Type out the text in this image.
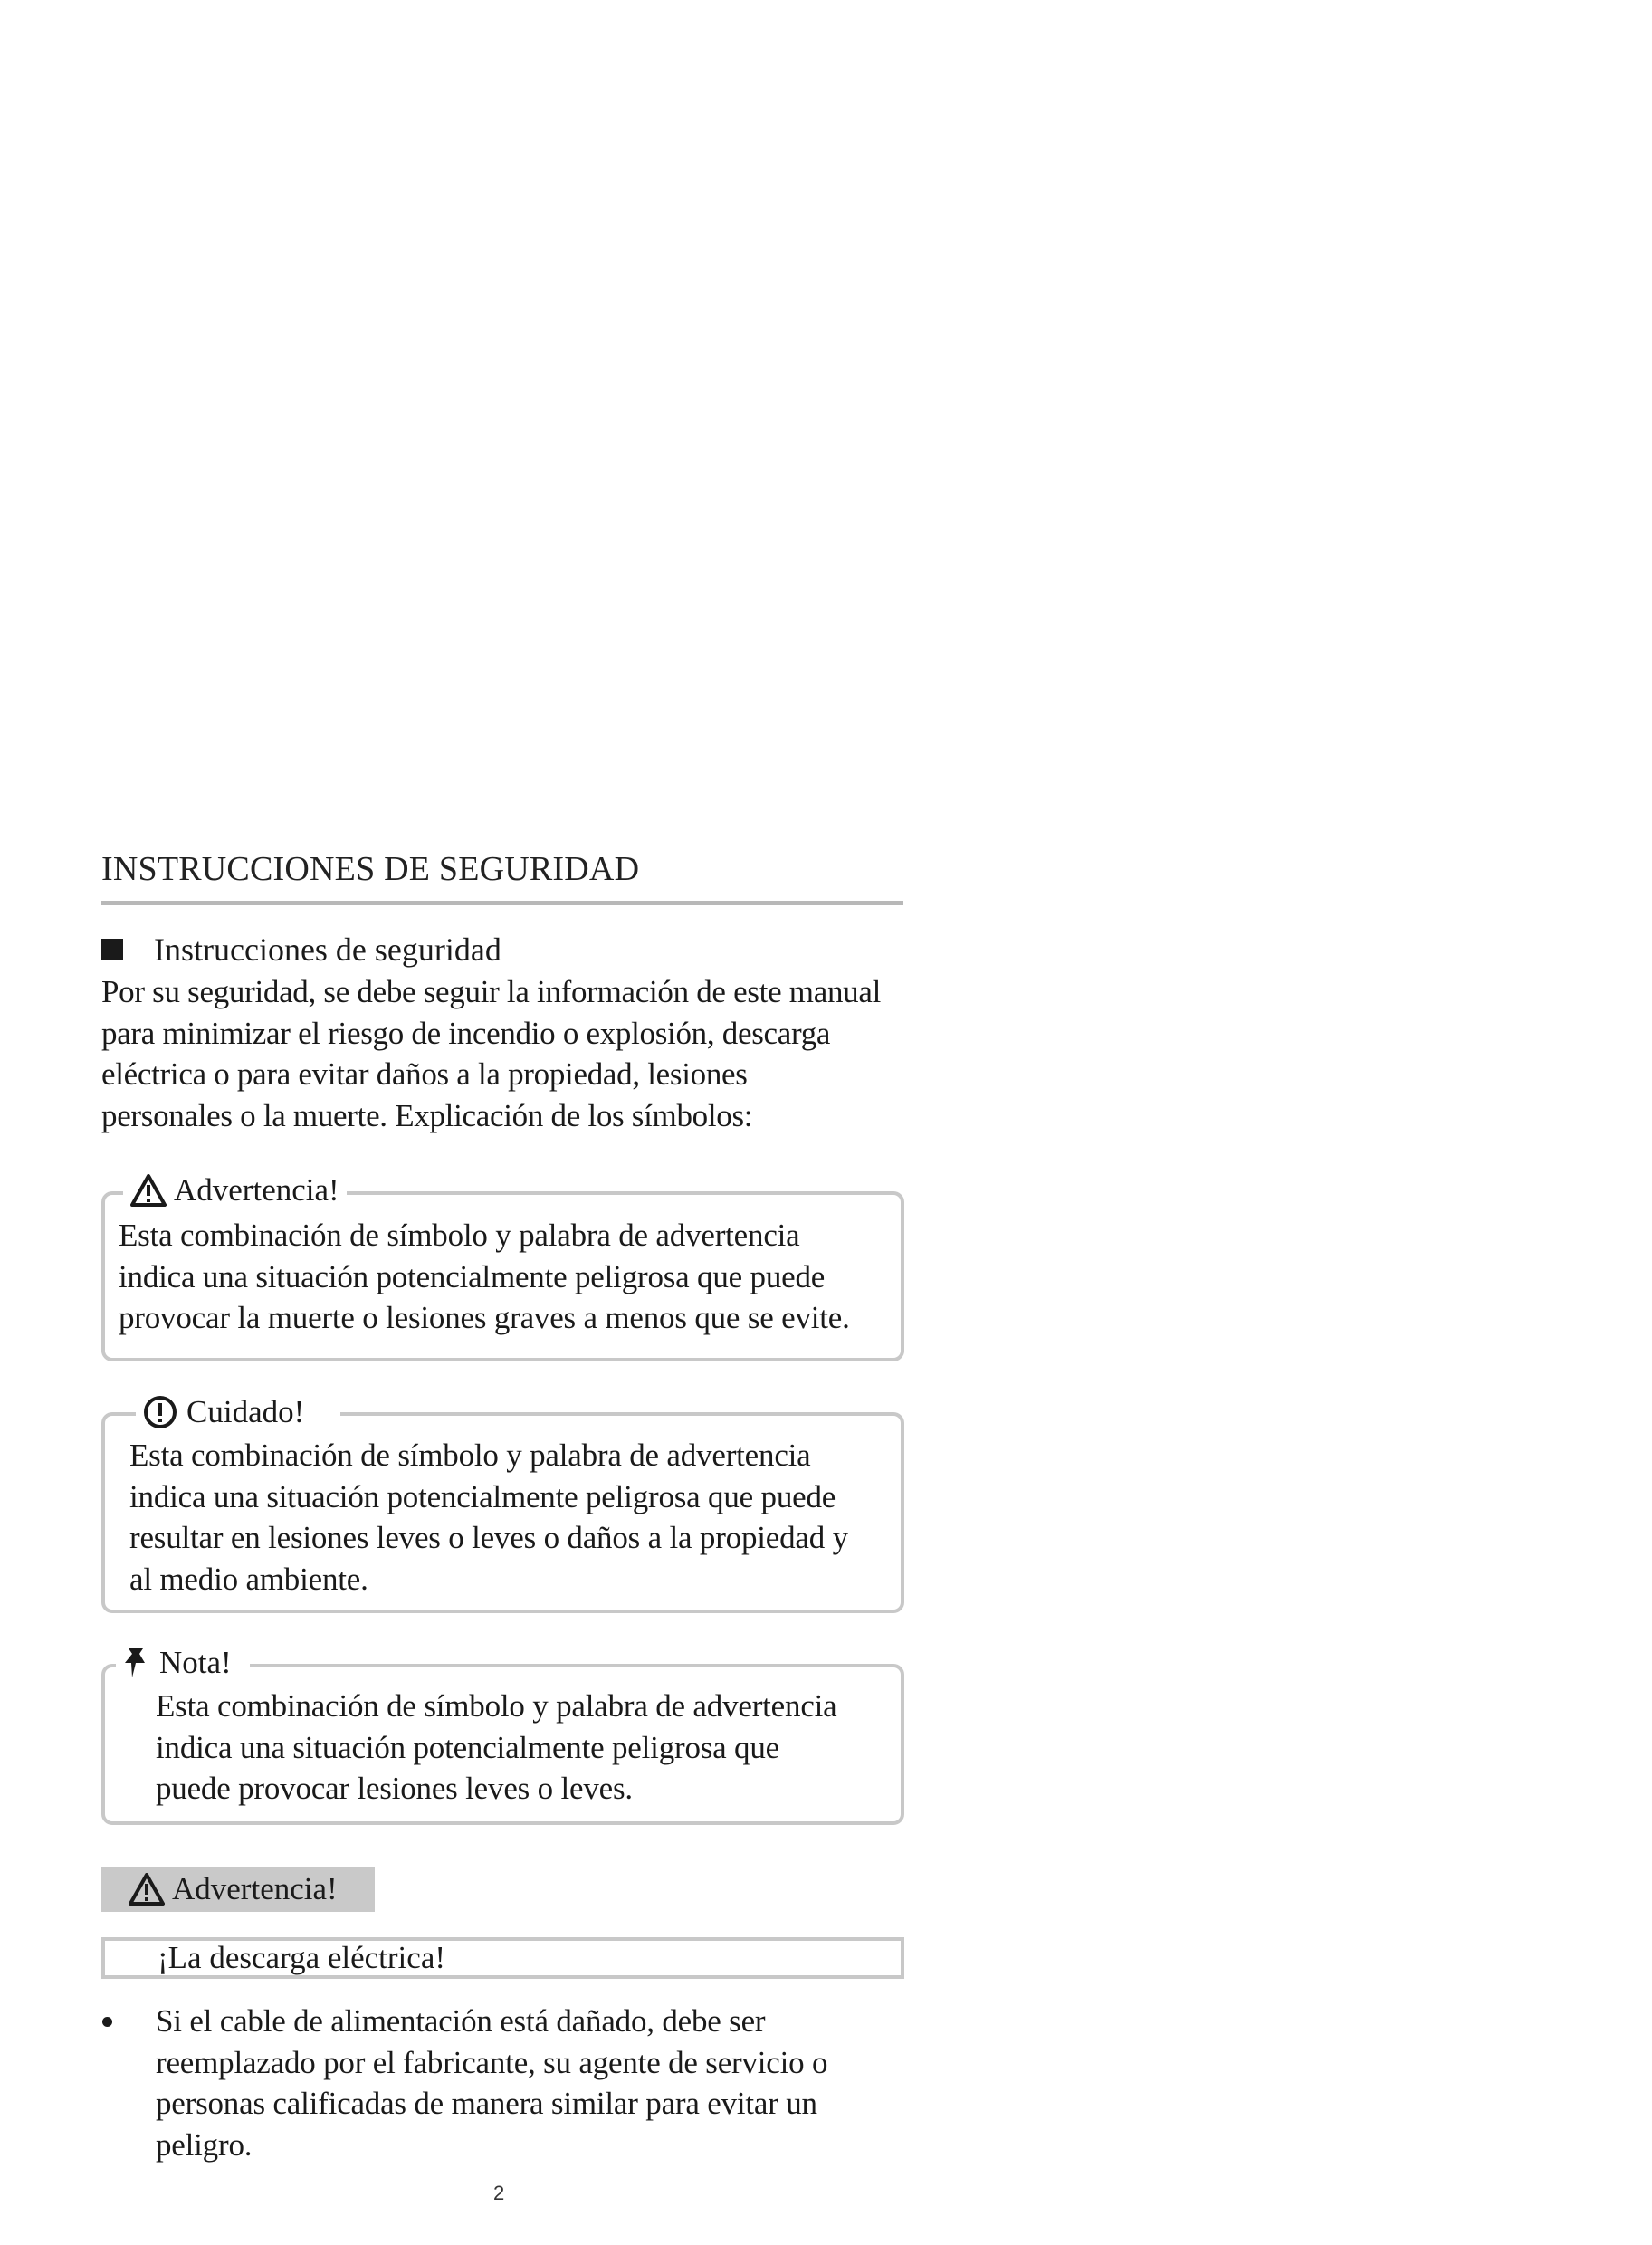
INSTRUCCIONES DE SEGURIDAD
Instrucciones de seguridad
Por su seguridad, se debe seguir la información de este manual
para minimizar el riesgo de incendio o explosión, descarga
eléctrica o para evitar daños a la propiedad, lesiones
personales o la muerte. Explicación de los símbolos:
Advertencia!
Esta combinación de símbolo y palabra de advertencia
indica una situación potencialmente peligrosa que puede
provocar la muerte o lesiones graves a menos que se evite.
Cuidado!
Esta combinación de símbolo y palabra de advertencia
indica una situación potencialmente peligrosa que puede
resultar en lesiones leves o leves o daños a la propiedad y
al medio ambiente.
Nota!
Esta combinación de símbolo y palabra de advertencia
indica una situación potencialmente peligrosa que
puede provocar lesiones leves o leves.
Advertencia!
¡La descarga eléctrica!
Si el cable de alimentación está dañado, debe ser
reemplazado por el fabricante, su agente de servicio o
personas calificadas de manera similar para evitar un
peligro.
2
